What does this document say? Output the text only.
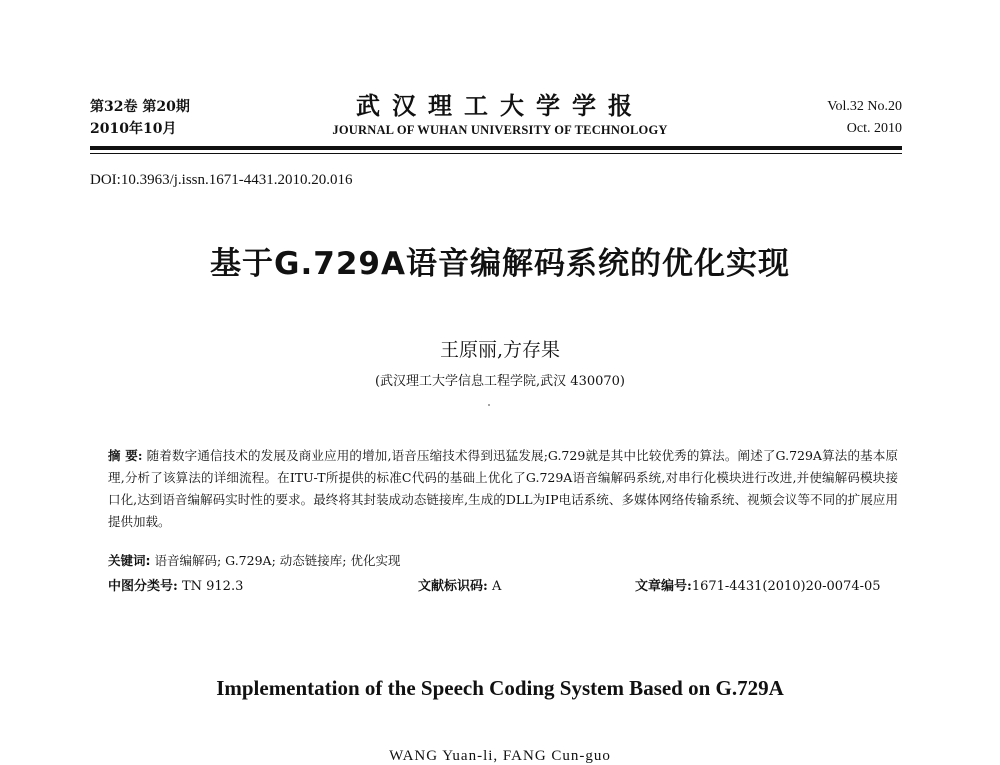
第32卷 第20期
2010年10月
武汉理工大学学报
JOURNAL OF WUHAN UNIVERSITY OF TECHNOLOGY
Vol.32 No.20
Oct. 2010
DOI:10.3963/j.issn.1671-4431.2010.20.016
基于G.729A语音编解码系统的优化实现
王原丽,方存果
(武汉理工大学信息工程学院,武汉 430070)
摘 要: 随着数字通信技术的发展及商业应用的增加,语音压缩技术得到迅猛发展;G.729就是其中比较优秀的算法。阐述了G.729A算法的基本原理,分析了该算法的详细流程。在ITU-T所提供的标准C代码的基础上优化了G.729A语音编解码系统,对串行化模块进行改进,并使编解码模块接口化,达到语音编解码实时性的要求。最终将其封装成动态链接库,生成的DLL为IP电话系统、多媒体网络传输系统、视频会议等不同的扩展应用提供加载。
关键词: 语音编解码; G.729A; 动态链接库; 优化实现
中图分类号: TN 912.3	文献标识码: A	文章编号:1671-4431(2010)20-0074-05
Implementation of the Speech Coding System Based on G.729A
WANG Yuan-li, FANG Cun-guo
